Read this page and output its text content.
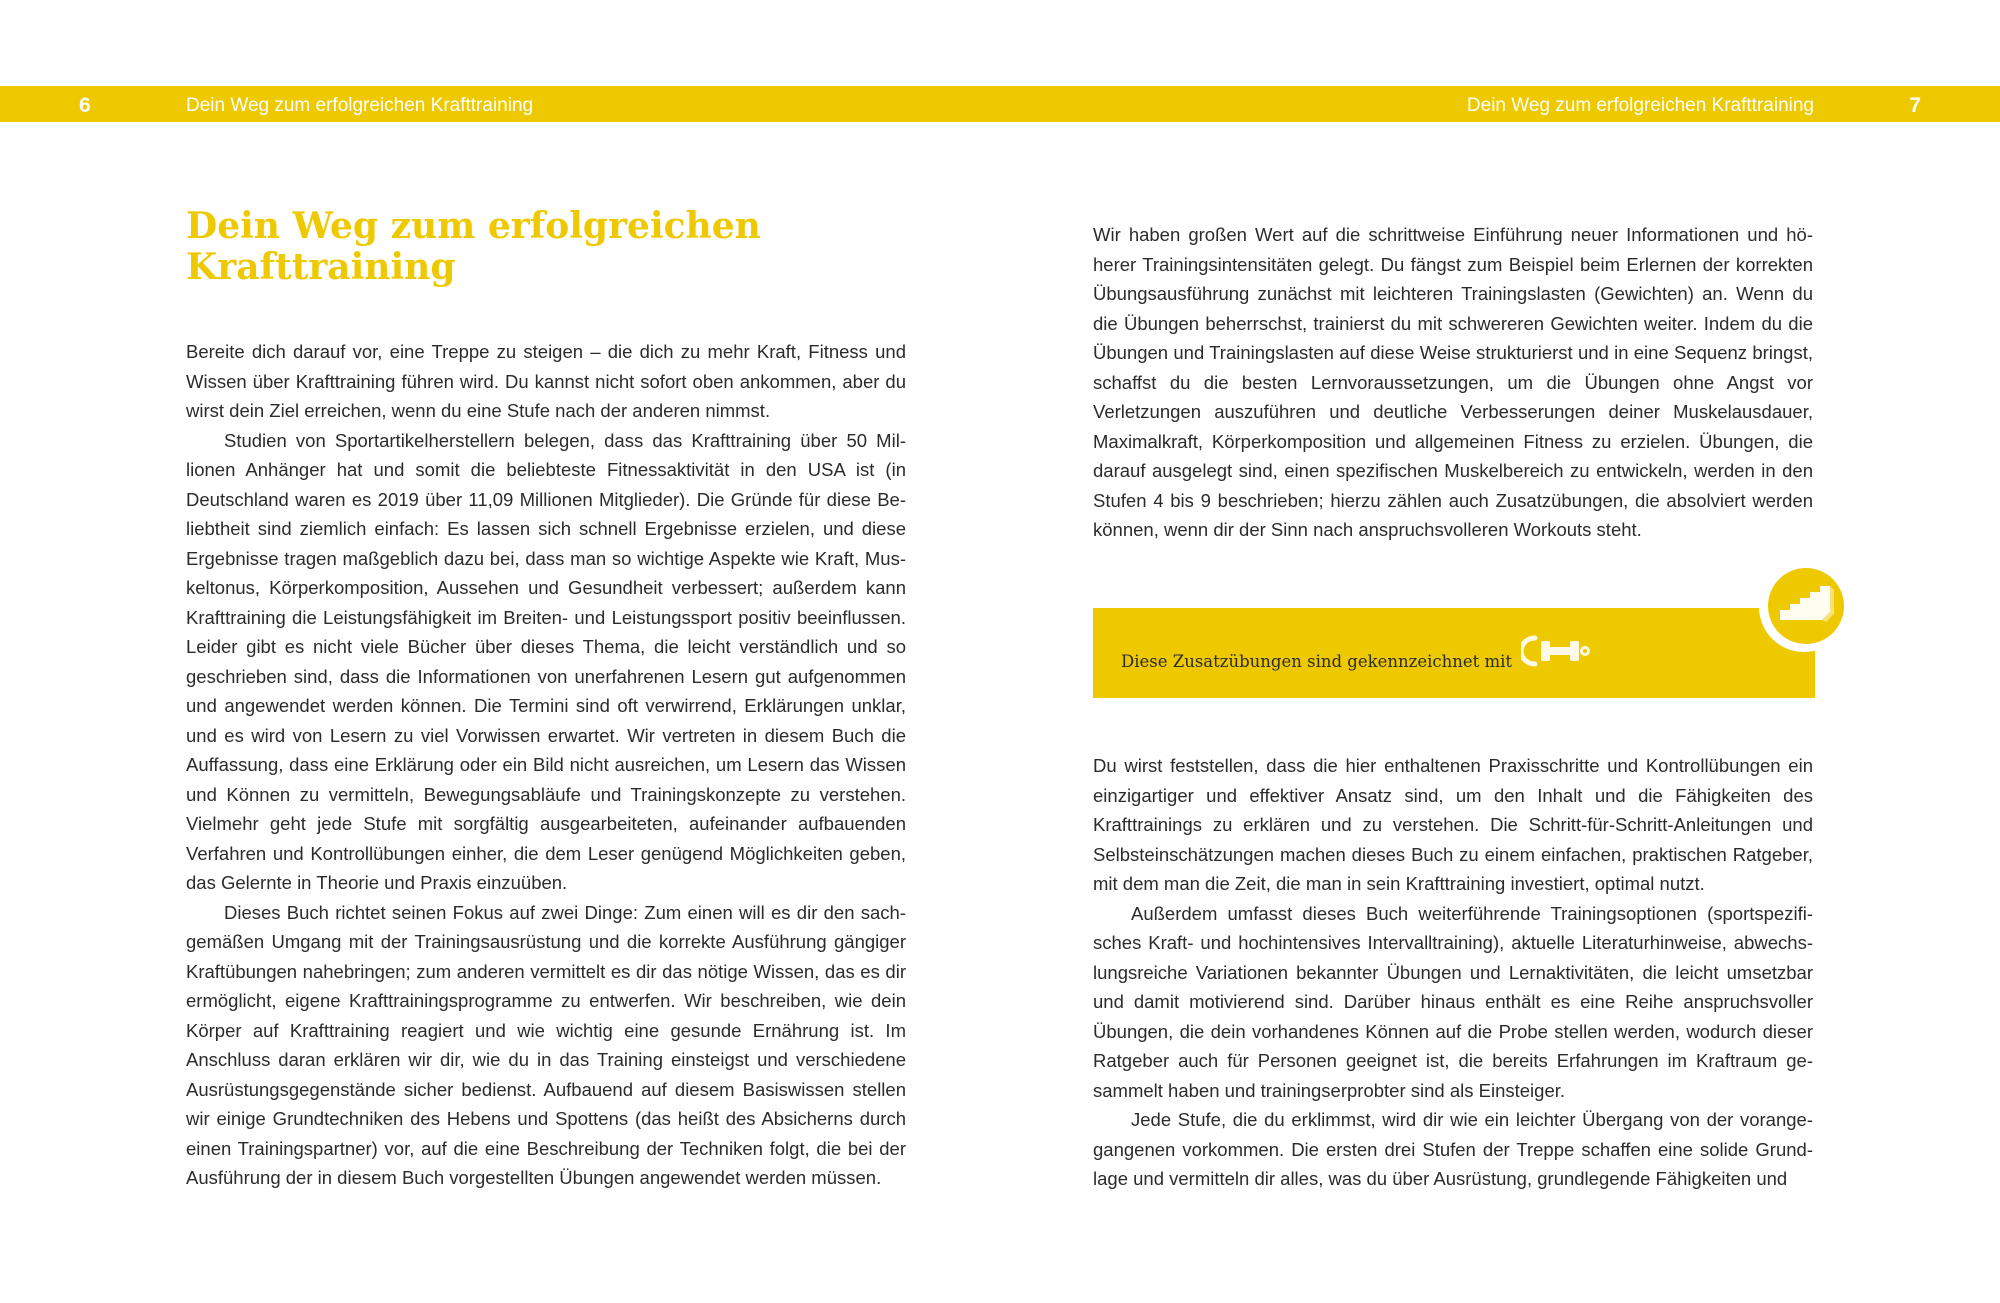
6	Dein Weg zum erfolgreichen Krafttraining	Dein Weg zum erfolgreichen Krafttraining	7
Dein Weg zum erfolgreichen
Krafttraining

Bereite dich darauf vor, eine Treppe zu steigen – die dich zu mehr Kraft, Fitness und Wissen über Krafttraining führen wird. Du kannst nicht sofort oben ankommen, aber du wirst dein Ziel erreichen, wenn du eine Stufe nach der anderen nimmst.

Studien von Sportartikelherstellern belegen, dass das Krafttraining über 50 Millionen Anhänger hat und somit die beliebteste Fitnessaktivität in den USA ist (in Deutschland waren es 2019 über 11,09 Millionen Mitglieder). Die Gründe für diese Beliebtheit sind ziemlich einfach: Es lassen sich schnell Ergebnisse erzielen, und diese Ergebnisse tragen maßgeblich dazu bei, dass man so wichtige Aspekte wie Kraft, Muskeltonus, Körperkomposition, Aussehen und Gesundheit verbessert; außerdem kann Krafttraining die Leistungsfähigkeit im Breiten- und Leistungssport positiv beeinflussen. Leider gibt es nicht viele Bücher über dieses Thema, die leicht verständlich und so geschrieben sind, dass die Informationen von unerfahrenen Lesern gut aufgenommen und angewendet werden können. Die Termini sind oft verwirrend, Erklärungen unklar, und es wird von Lesern zu viel Vorwissen erwartet. Wir vertreten in diesem Buch die Auffassung, dass eine Erklärung oder ein Bild nicht ausreichen, um Lesern das Wissen und Können zu vermitteln, Bewegungsabläufe und Trainingskonzepte zu verstehen. Vielmehr geht jede Stufe mit sorgfältig ausgearbeiteten, aufeinander aufbauenden Verfahren und Kontrollübungen einher, die dem Leser genügend Möglichkeiten geben, das Gelernte in Theorie und Praxis einzuüben.

Dieses Buch richtet seinen Fokus auf zwei Dinge: Zum einen will es dir den sachgemäßen Umgang mit der Trainingsausrüstung und die korrekte Ausführung gängiger Kraftübungen nahebringen; zum anderen vermittelt es dir das nötige Wissen, das es dir ermöglicht, eigene Krafttrainingsprogramme zu entwerfen. Wir beschreiben, wie dein Körper auf Krafttraining reagiert und wie wichtig eine gesunde Ernährung ist. Im Anschluss daran erklären wir dir, wie du in das Training einsteigst und verschiedene Ausrüstungsgegenstände sicher bedienst. Aufbauend auf diesem Basiswissen stellen wir einige Grundtechniken des Hebens und Spottens (das heißt des Absicherns durch einen Trainingspartner) vor, auf die eine Beschreibung der Techniken folgt, die bei der Ausführung der in diesem Buch vorgestellten Übungen angewendet werden müssen.

Wir haben großen Wert auf die schrittweise Einführung neuer Informationen und höherer Trainingsintensitäten gelegt. Du fängst zum Beispiel beim Erlernen der korrekten Übungsausführung zunächst mit leichteren Trainingslasten (Gewichten) an. Wenn du die Übungen beherrschst, trainierst du mit schwereren Gewichten weiter. Indem du die Übungen und Trainingslasten auf diese Weise strukturierst und in eine Sequenz bringst, schaffst du die besten Lernvoraussetzungen, um die Übungen ohne Angst vor Verletzungen auszuführen und deutliche Verbesserungen deiner Muskelausdauer, Maximalkraft, Körperkomposition und allgemeinen Fitness zu erzielen. Übungen, die darauf ausgelegt sind, einen spezifischen Muskelbereich zu entwickeln, werden in den Stufen 4 bis 9 beschrieben; hierzu zählen auch Zusatzübungen, die absolviert werden können, wenn dir der Sinn nach anspruchsvolleren Workouts steht.

Diese Zusatzübungen sind gekennzeichnet mit

Du wirst feststellen, dass die hier enthaltenen Praxisschritte und Kontrollübungen ein einzigartiger und effektiver Ansatz sind, um den Inhalt und die Fähigkeiten des Krafttrainings zu erklären und zu verstehen. Die Schritt-für-Schritt-Anleitungen und Selbsteinschätzungen machen dieses Buch zu einem einfachen, praktischen Ratgeber, mit dem man die Zeit, die man in sein Krafttraining investiert, optimal nutzt.

Außerdem umfasst dieses Buch weiterführende Trainingsoptionen (sportspezifisches Kraft- und hochintensives Intervalltraining), aktuelle Literaturhinweise, abwechslungsreiche Variationen bekannter Übungen und Lernaktivitäten, die leicht umsetzbar und damit motivierend sind. Darüber hinaus enthält es eine Reihe anspruchsvoller Übungen, die dein vorhandenes Können auf die Probe stellen werden, wodurch dieser Ratgeber auch für Personen geeignet ist, die bereits Erfahrungen im Kraftraum gesammelt haben und trainingserprobter sind als Einsteiger.

Jede Stufe, die du erklimmst, wird dir wie ein leichter Übergang von der vorangegangenen vorkommen. Die ersten drei Stufen der Treppe schaffen eine solide Grundlage und vermitteln dir alles, was du über Ausrüstung, grundlegende Fähigkeiten und
